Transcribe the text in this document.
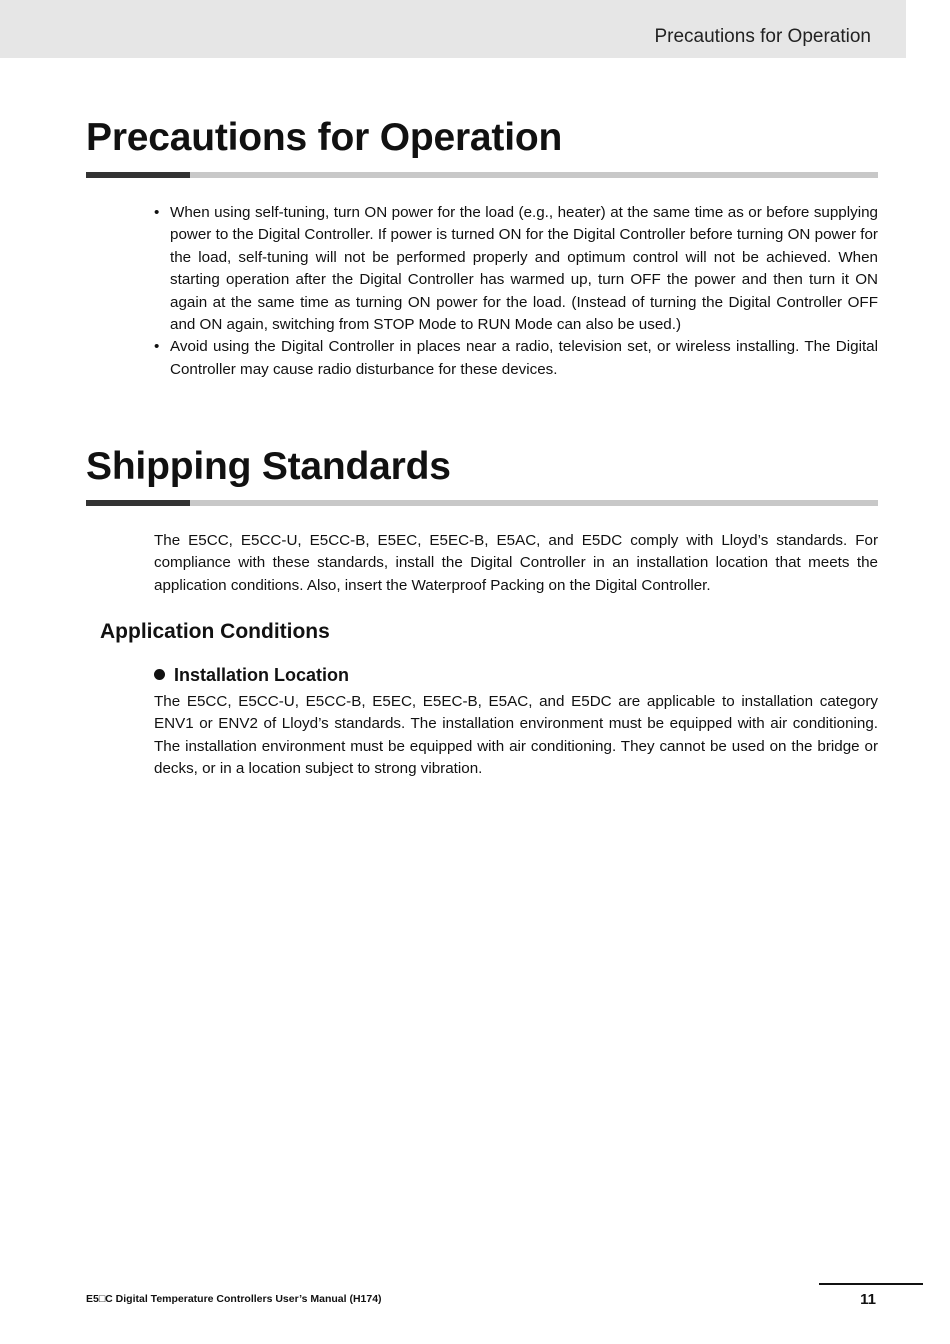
Precautions for Operation
Precautions for Operation
• When using self-tuning, turn ON power for the load (e.g., heater) at the same time as or before supplying power to the Digital Controller. If power is turned ON for the Digital Controller before turning ON power for the load, self-tuning will not be performed properly and optimum control will not be achieved. When starting operation after the Digital Controller has warmed up, turn OFF the power and then turn it ON again at the same time as turning ON power for the load. (Instead of turning the Digital Controller OFF and ON again, switching from STOP Mode to RUN Mode can also be used.)
• Avoid using the Digital Controller in places near a radio, television set, or wireless installing. The Digital Controller may cause radio disturbance for these devices.
Shipping Standards

The E5CC, E5CC-U, E5CC-B, E5EC, E5EC-B, E5AC, and E5DC comply with Lloyd’s standards. For compliance with these standards, install the Digital Controller in an installation location that meets the application conditions. Also, insert the Waterproof Packing on the Digital Controller.

Application Conditions
Installation Location

The E5CC, E5CC-U, E5CC-B, E5EC, E5EC-B, E5AC, and E5DC are applicable to installation category ENV1 or ENV2 of Lloyd’s standards. The installation environment must be equipped with air conditioning. The installation environment must be equipped with air conditioning. They cannot be used on the bridge or decks, or in a location subject to strong vibration.

E5□C Digital Temperature Controllers User’s Manual (H174)	11
